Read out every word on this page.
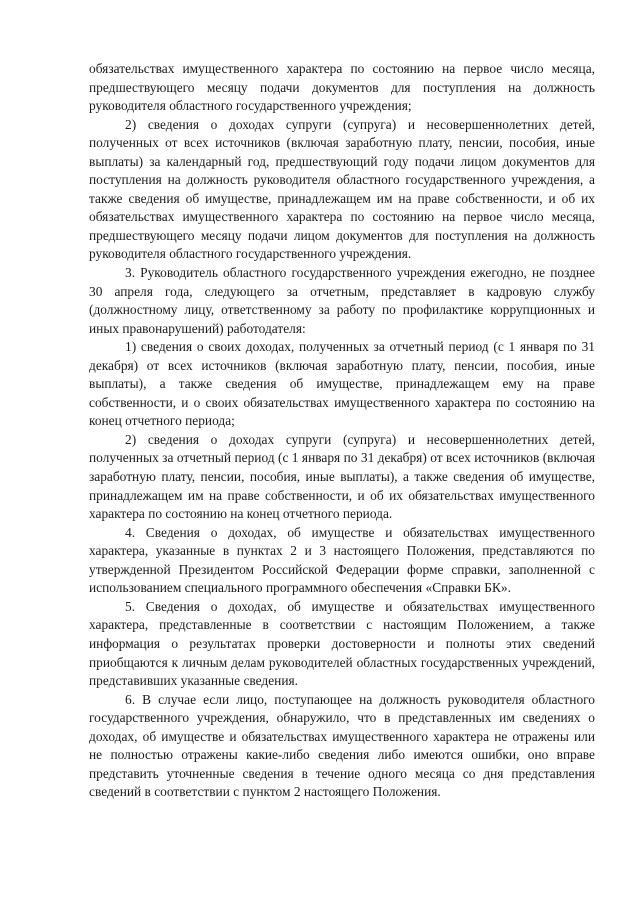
обязательствах имущественного характера по состоянию на первое число месяца, предшествующего месяцу подачи документов для поступления на должность руководителя областного государственного учреждения;

2) сведения о доходах супруги (супруга) и несовершеннолетних детей, полученных от всех источников (включая заработную плату, пенсии, пособия, иные выплаты) за календарный год, предшествующий году подачи лицом документов для поступления на должность руководителя областного государственного учреждения, а также сведения об имуществе, принадлежащем им на праве собственности, и об их обязательствах имущественного характера по состоянию на первое число месяца, предшествующего месяцу подачи лицом документов для поступления на должность руководителя областного государственного учреждения.

3. Руководитель областного государственного учреждения ежегодно, не позднее 30 апреля года, следующего за отчетным, представляет в кадровую службу (должностному лицу, ответственному за работу по профилактике коррупционных и иных правонарушений) работодателя:

1) сведения о своих доходах, полученных за отчетный период (с 1 января по 31 декабря) от всех источников (включая заработную плату, пенсии, пособия, иные выплаты), а также сведения об имуществе, принадлежащем ему на праве собственности, и о своих обязательствах имущественного характера по состоянию на конец отчетного периода;

2) сведения о доходах супруги (супруга) и несовершеннолетних детей, полученных за отчетный период (с 1 января по 31 декабря) от всех источников (включая заработную плату, пенсии, пособия, иные выплаты), а также сведения об имуществе, принадлежащем им на праве собственности, и об их обязательствах имущественного характера по состоянию на конец отчетного периода.

4. Сведения о доходах, об имуществе и обязательствах имущественного характера, указанные в пунктах 2 и 3 настоящего Положения, представляются по утвержденной Президентом Российской Федерации форме справки, заполненной с использованием специального программного обеспечения «Справки БК».

5. Сведения о доходах, об имуществе и обязательствах имущественного характера, представленные в соответствии с настоящим Положением, а также информация о результатах проверки достоверности и полноты этих сведений приобщаются к личным делам руководителей областных государственных учреждений, представивших указанные сведения.

6. В случае если лицо, поступающее на должность руководителя областного государственного учреждения, обнаружило, что в представленных им сведениях о доходах, об имуществе и обязательствах имущественного характера не отражены или не полностью отражены какие-либо сведения либо имеются ошибки, оно вправе представить уточненные сведения в течение одного месяца со дня представления сведений в соответствии с пунктом 2 настоящего Положения.
